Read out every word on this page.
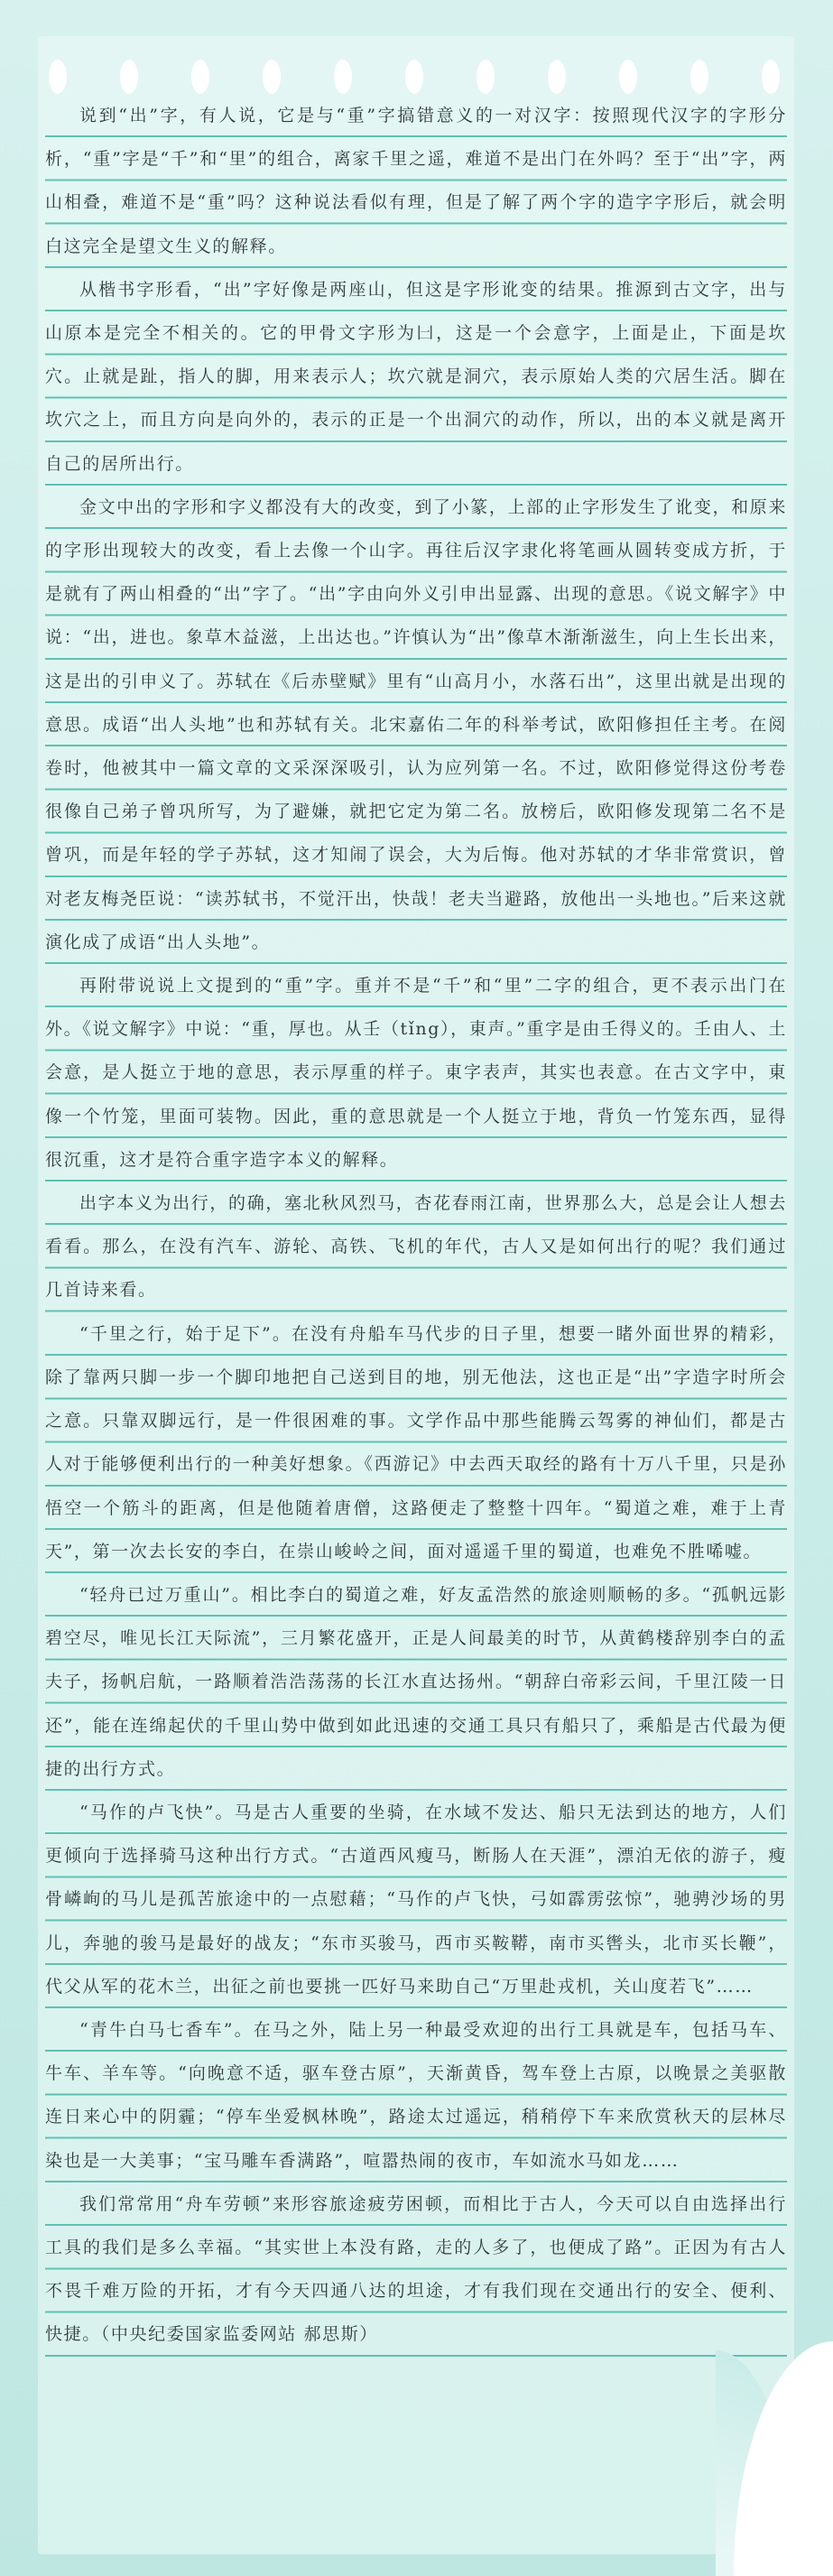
说到“出”字，有人说，它是与“重”字搞错意义的一对汉字：按照现代汉字的字形分析，“重”字是“千”和“里”的组合，离家千里之遥，难道不是出门在外吗？至于“出”字，两山相叠，难道不是“重”吗？这种说法看似有理，但是了解了两个字的造字字形后，就会明白这完全是望文生义的解释。

从楷书字形看，“出”字好像是两座山，但这是字形讹变的结果。推源到古文字，出与山原本是完全不相关的。它的甲骨文字形为𠙵，这是一个会意字，上面是止，下面是坎穴。止就是趾，指人的脚，用来表示人；坎穴就是洞穴，表示原始人类的穴居生活。脚在坎穴之上，而且方向是向外的，表示的正是一个出洞穴的动作，所以，出的本义就是离开自己的居所出行。

金文中出的字形和字义都没有大的改变，到了小篆，上部的止字形发生了讹变，和原来的字形出现较大的改变，看上去像一个山字。再往后汉字隶化将笔画从圆转变成方折，于是就有了两山相叠的“出”字了。“出”字由向外义引申出显露、出现的意思。《说文解字》中说：“出，进也。象草木益滋，上出达也。”许慎认为“出”像草木渐渐滋生，向上生长出来，这是出的引申义了。苏轼在《后赤壁赋》里有“山高月小，水落石出”，这里出就是出现的意思。成语“出人头地”也和苏轼有关。北宋嘉佑二年的科举考试，欧阳修担任主考。在阅卷时，他被其中一篇文章的文采深深吸引，认为应列第一名。不过，欧阳修觉得这份考卷很像自己弟子曾巩所写，为了避嫌，就把它定为第二名。放榜后，欧阳修发现第二名不是曾巩，而是年轻的学子苏轼，这才知闹了误会，大为后悔。他对苏轼的才华非常赏识，曾对老友梅尧臣说：“读苏轼书，不觉汗出，快哉！老夫当避路，放他出一头地也。”后来这就演化成了成语“出人头地”。

再附带说说上文提到的“重”字。重并不是“千”和“里”二字的组合，更不表示出门在外。《说文解字》中说：“重，厚也。从壬（tǐng），東声。”重字是由壬得义的。壬由人、土会意，是人挺立于地的意思，表示厚重的样子。東字表声，其实也表意。在古文字中，東像一个竹笼，里面可装物。因此，重的意思就是一个人挺立于地，背负一竹笼东西，显得很沉重，这才是符合重字造字本义的解释。

出字本义为出行，的确，塞北秋风烈马，杏花春雨江南，世界那么大，总是会让人想去看看。那么，在没有汽车、游轮、高铁、飞机的年代，古人又是如何出行的呢？我们通过几首诗来看。

“千里之行，始于足下”。在没有舟船车马代步的日子里，想要一睹外面世界的精彩，除了靠两只脚一步一个脚印地把自己送到目的地，别无他法，这也正是“出”字造字时所会之意。只靠双脚远行，是一件很困难的事。文学作品中那些能腾云驾雾的神仙们，都是古人对于能够便利出行的一种美好想象。《西游记》中去西天取经的路有十万八千里，只是孙悟空一个筋斗的距离，但是他随着唐僧，这路便走了整整十四年。“蜀道之难，难于上青天”，第一次去长安的李白，在崇山峻岭之间，面对遥遥千里的蜀道，也难免不胜唏嘘。

“轻舟已过万重山”。相比李白的蜀道之难，好友孟浩然的旅途则顺畅的多。“孤帆远影碧空尽，唯见长江天际流”，三月繁花盛开，正是人间最美的时节，从黄鹤楼辞别李白的孟夫子，扬帆启航，一路顺着浩浩荡荡的长江水直达扬州。“朝辞白帝彩云间，千里江陵一日还”，能在连绵起伏的千里山势中做到如此迅速的交通工具只有船只了，乘船是古代最为便捷的出行方式。

“马作的卢飞快”。马是古人重要的坐骑，在水域不发达、船只无法到达的地方，人们更倾向于选择骑马这种出行方式。“古道西风瘦马，断肠人在天涯”，漂泊无依的游子，瘦骨嶙峋的马儿是孤苦旅途中的一点慰藉；“马作的卢飞快，弓如霹雳弦惊”，驰骋沙场的男儿，奔驰的骏马是最好的战友；“东市买骏马，西市买鞍鞯，南市买辔头，北市买长鞭”，代父从军的花木兰，出征之前也要挑一匹好马来助自己“万里赴戎机，关山度若飞”……

“青牛白马七香车”。在马之外，陆上另一种最受欢迎的出行工具就是车，包括马车、牛车、羊车等。“向晚意不适，驱车登古原”，天渐黄昏，驾车登上古原，以晚景之美驱散连日来心中的阴霾；“停车坐爱枫林晚”，路途太过遥远，稍稍停下车来欣赏秋天的层林尽染也是一大美事；“宝马雕车香满路”，喧嚣热闹的夜市，车如流水马如龙……

我们常常用“舟车劳顿”来形容旅途疲劳困顿，而相比于古人，今天可以自由选择出行工具的我们是多么幸福。“其实世上本没有路，走的人多了，也便成了路”。正因为有古人不畏千难万险的开拓，才有今天四通八达的坦途，才有我们现在交通出行的安全、便利、快捷。（中央纪委国家监委网站 郝思斯）
